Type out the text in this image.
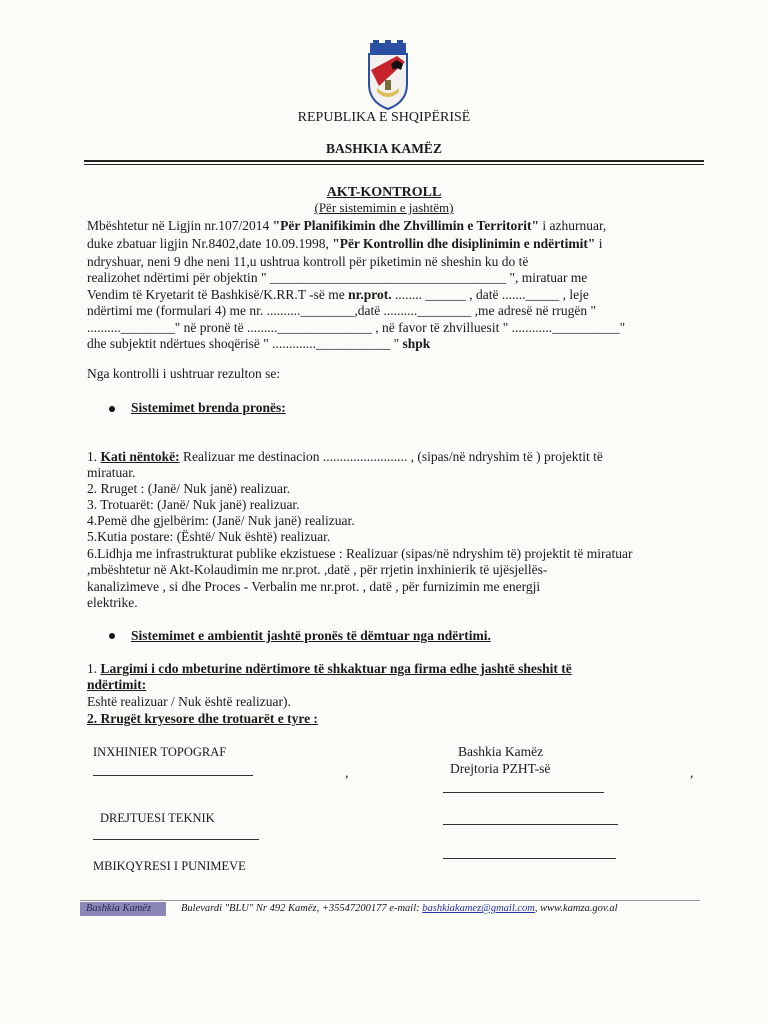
REPUBLIKA E SHQIPËRISË
BASHKIA KAMËZ
AKT-KONTROLL
(Për sistemimin e jashtëm)
Mbështetur në Ligjin nr.107/2014 "Për Planifikimin dhe Zhvillimin e Territorit" i azhurnuar,
duke zbatuar ligjin Nr.8402,date 10.09.1998, "Për Kontrollin dhe disiplinimin e ndërtimit" i
ndryshuar, neni 9 dhe neni 11,u ushtrua kontroll për piketimin në sheshin ku do të
realizohet ndërtimi për objektin " ___________________________________ ", miratuar me
Vendim të Kryetarit të Bashkisë/K.RR.T -së me nr.prot. ........ ______ , datë ......._____ , leje
ndërtimi me (formulari 4) me nr. ..........________,datë ..........________ ,me adresë në rrugën "
..........________" në pronë të .........______________ , në favor të zhvilluesit " ............__________"
dhe subjektit ndërtues shoqërisë " .............___________ " shpk
Nga kontrolli i ushtruar rezulton se:
Sistemimet brenda pronës:
1. Kati nëntokë: Realizuar me destinacion ......................... , (sipas/në ndryshim të ) projektit të
miratuar.
2. Rruget : (Janë/ Nuk janë) realizuar.
3. Trotuarët: (Janë/ Nuk janë) realizuar.
4.Pemë dhe gjelbërim: (Janë/ Nuk janë) realizuar.
5.Kutia postare: (Është/ Nuk është) realizuar.
6.Lidhja me infrastrukturat publike ekzistuese : Realizuar (sipas/në ndryshim të) projektit të miratuar
,mbështetur në Akt-Kolaudimin me nr.prot. ,datë , për rrjetin inxhinierik të ujësjellës-
kanalizimeve , si dhe Proces - Verbalin me nr.prot. , datë , për furnizimin me energji
elektrike.
Sistemimet e ambientit jashtë pronës të dëmtuar nga ndërtimi.
1. Largimi i cdo mbeturine ndërtimore të shkaktuar nga firma edhe jashtë sheshit të
ndërtimit:
Eshtë realizuar / Nuk është realizuar).
2. Rrugët kryesore dhe trotuarët e tyre :
INXHINIER TOPOGRAF
,
Bashkia Kamëz
Drejtoria PZHT-së	,
DREJTUESI TEKNIK
MBIKQYRESI I PUNIMEVE
Bashkia Kamëz	Bulevardi "BLU" Nr 492 Kamëz, +35547200177 e-mail: bashkiakamez@gmail.com, www.kamza.gov.al
